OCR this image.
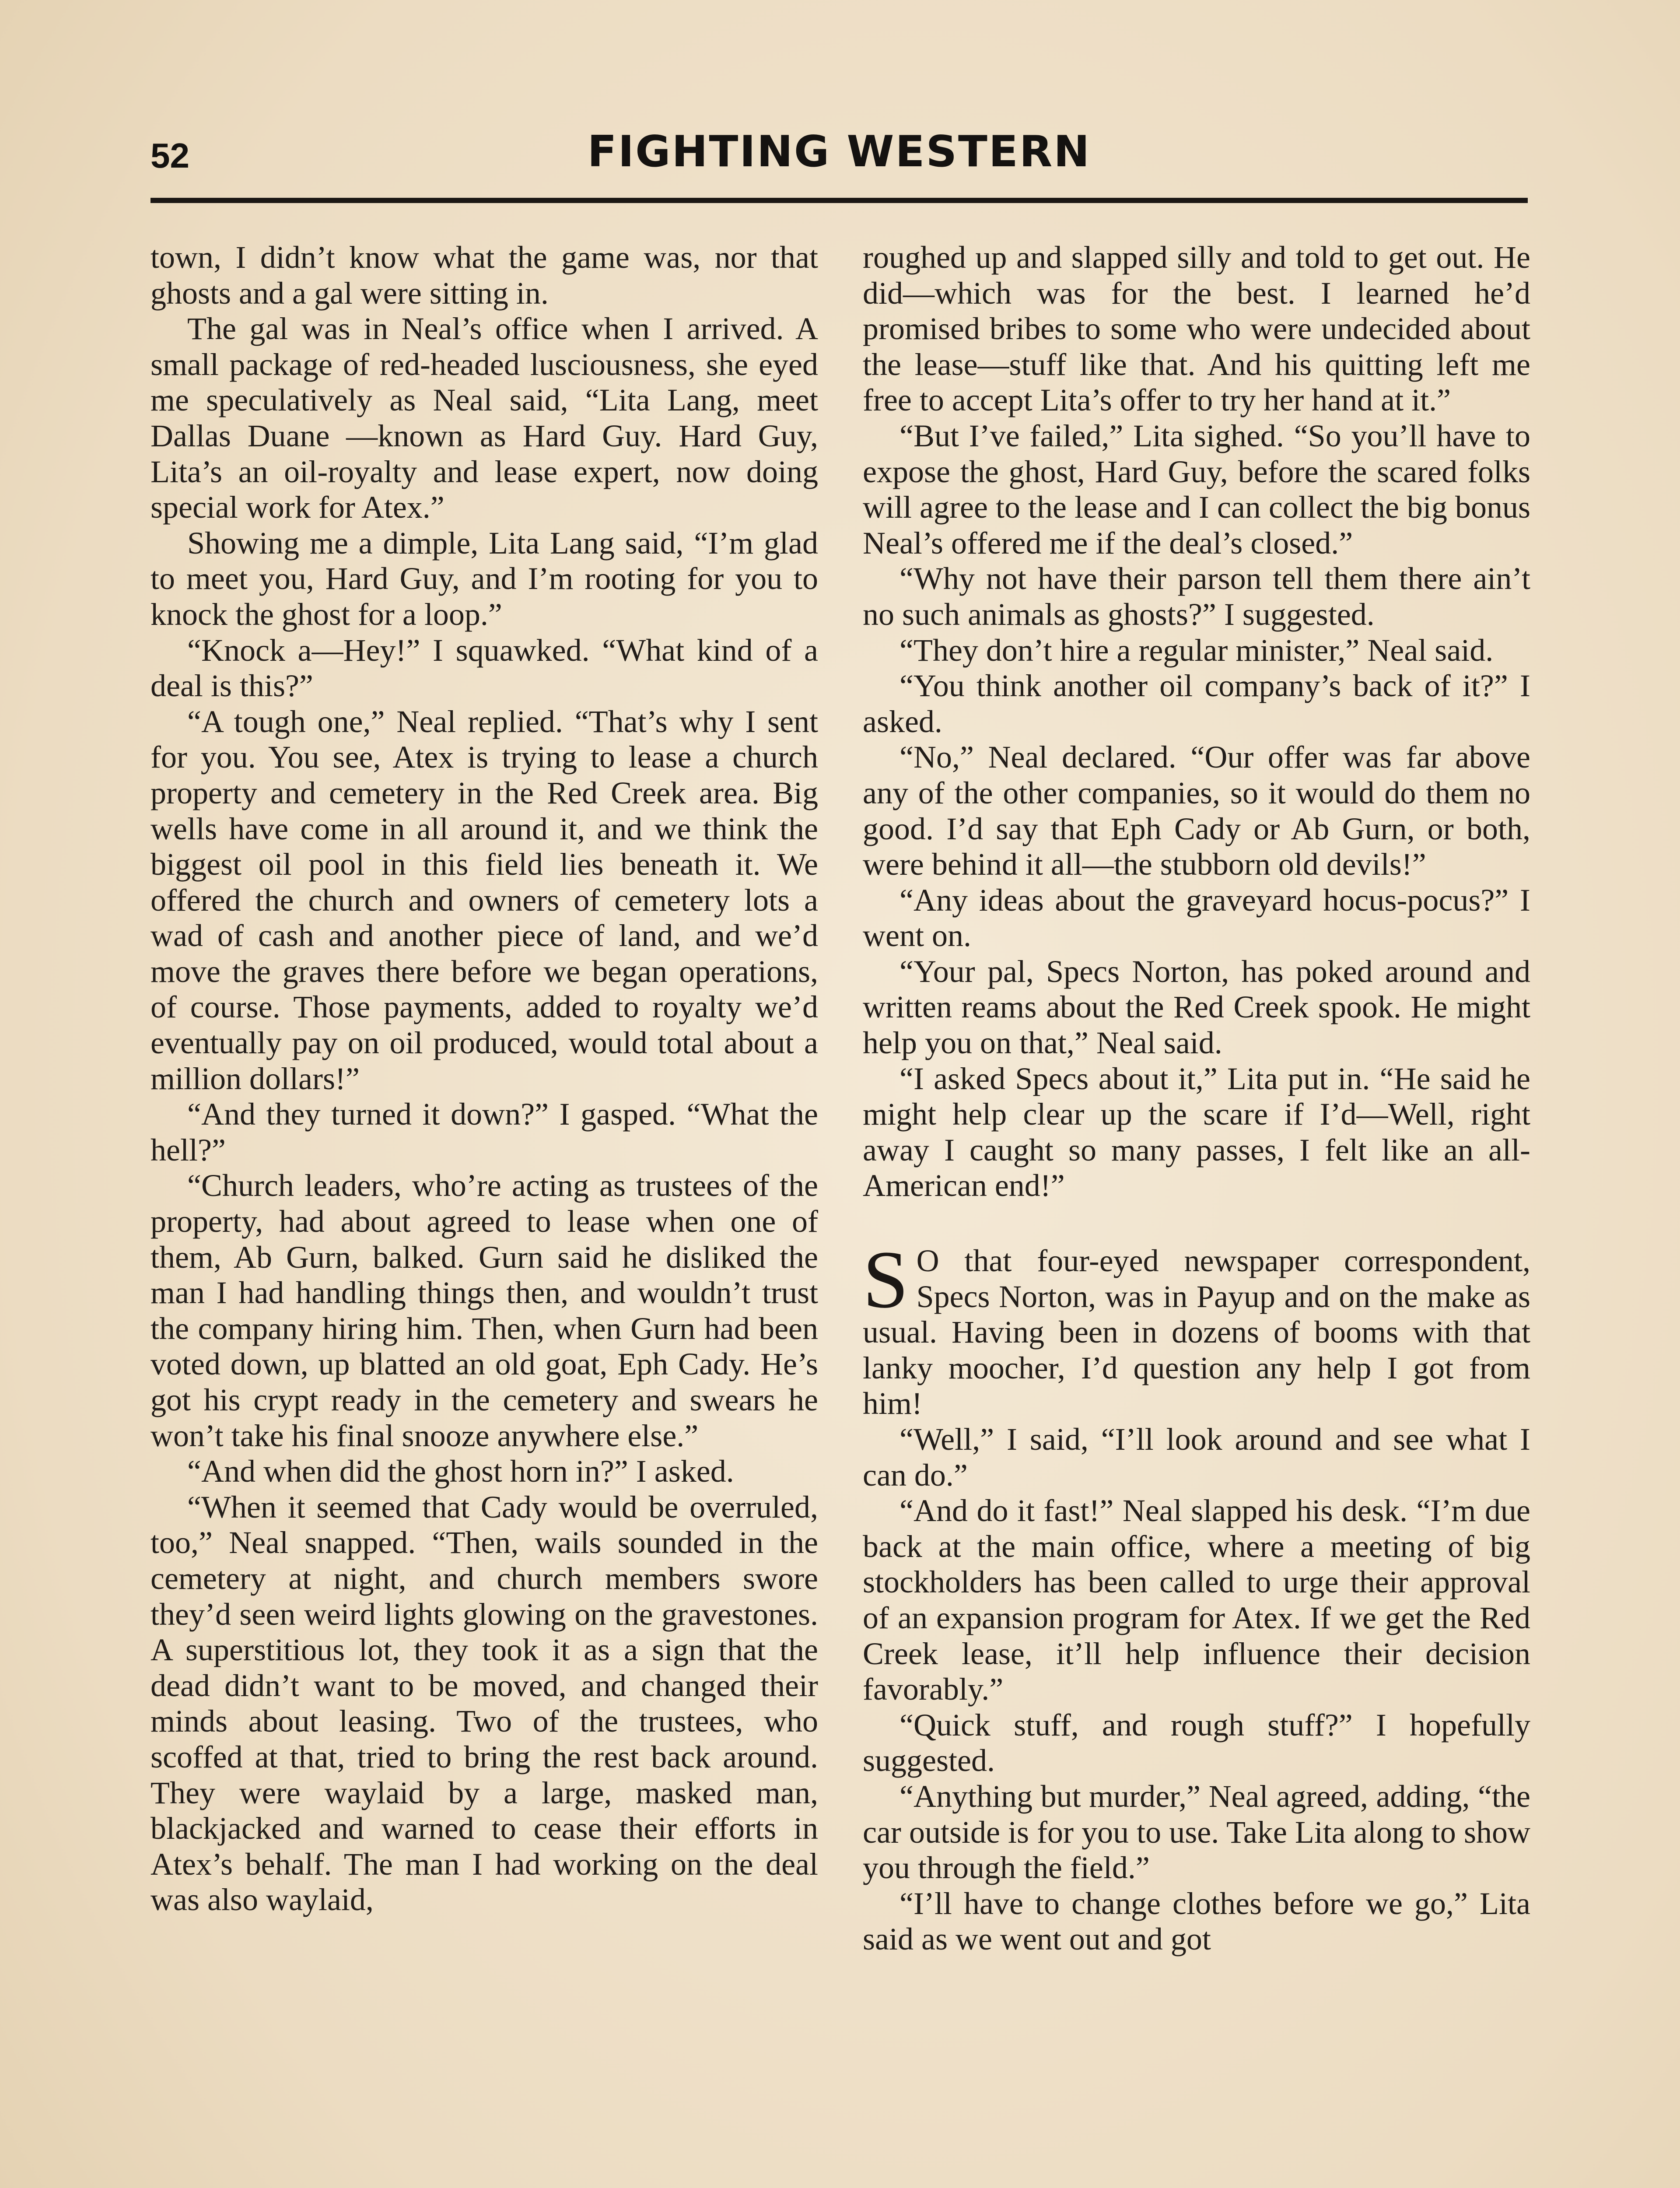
52	FIGHTING WESTERN

town, I didn’t know what the game was, nor that ghosts and a gal were sitting in.

The gal was in Neal’s office when I arrived. A small package of red-headed lusciousness, she eyed me speculatively as Neal said, “Lita Lang, meet Dallas Duane —known as Hard Guy. Hard Guy, Lita’s an oil-royalty and lease expert, now doing special work for Atex.”

Showing me a dimple, Lita Lang said, “I’m glad to meet you, Hard Guy, and I’m rooting for you to knock the ghost for a loop.”

“Knock a—Hey!” I squawked. “What kind of a deal is this?”

“A tough one,” Neal replied. “That’s why I sent for you. You see, Atex is trying to lease a church property and cemetery in the Red Creek area. Big wells have come in all around it, and we think the biggest oil pool in this field lies beneath it. We offered the church and owners of cemetery lots a wad of cash and another piece of land, and we’d move the graves there before we began operations, of course. Those payments, added to royalty we’d eventually pay on oil produced, would total about a million dollars!”

“And they turned it down?” I gasped. “What the hell?”

“Church leaders, who’re acting as trustees of the property, had about agreed to lease when one of them, Ab Gurn, balked. Gurn said he disliked the man I had handling things then, and wouldn’t trust the company hiring him. Then, when Gurn had been voted down, up blatted an old goat, Eph Cady. He’s got his crypt ready in the cemetery and swears he won’t take his final snooze anywhere else.”

“And when did the ghost horn in?” I asked.

“When it seemed that Cady would be overruled, too,” Neal snapped. “Then, wails sounded in the cemetery at night, and church members swore they’d seen weird lights glowing on the gravestones. A superstitious lot, they took it as a sign that the dead didn’t want to be moved, and changed their minds about leasing. Two of the trustees, who scoffed at that, tried to bring the rest back around. They were waylaid by a large, masked man, blackjacked and warned to cease their efforts in Atex’s behalf. The man I had working on the deal was also waylaid,

roughed up and slapped silly and told to get out. He did—which was for the best. I learned he’d promised bribes to some who were undecided about the lease—stuff like that. And his quitting left me free to accept Lita’s offer to try her hand at it.”

“But I’ve failed,” Lita sighed. “So you’ll have to expose the ghost, Hard Guy, before the scared folks will agree to the lease and I can collect the big bonus Neal’s offered me if the deal’s closed.”

“Why not have their parson tell them there ain’t no such animals as ghosts?” I suggested.

“They don’t hire a regular minister,” Neal said.

“You think another oil company’s back of it?” I asked.

“No,” Neal declared. “Our offer was far above any of the other companies, so it would do them no good. I’d say that Eph Cady or Ab Gurn, or both, were behind it all—the stubborn old devils!”

“Any ideas about the graveyard hocus-pocus?” I went on.

“Your pal, Specs Norton, has poked around and written reams about the Red Creek spook. He might help you on that,” Neal said.

“I asked Specs about it,” Lita put in. “He said he might help clear up the scare if I’d—Well, right away I caught so many passes, I felt like an all-American end!”

S O that four-eyed newspaper correspondent, Specs Norton, was in Payup and on the make as usual. Having been in dozens of booms with that lanky moocher, I’d question any help I got from him!

“Well,” I said, “I’ll look around and see what I can do.”

“And do it fast!” Neal slapped his desk. “I’m due back at the main office, where a meeting of big stockholders has been called to urge their approval of an expansion program for Atex. If we get the Red Creek lease, it’ll help influence their decision favorably.”

“Quick stuff, and rough stuff?” I hopefully suggested.

“Anything but murder,” Neal agreed, adding, “the car outside is for you to use. Take Lita along to show you through the field.”

“I’ll have to change clothes before we go,” Lita said as we went out and got
